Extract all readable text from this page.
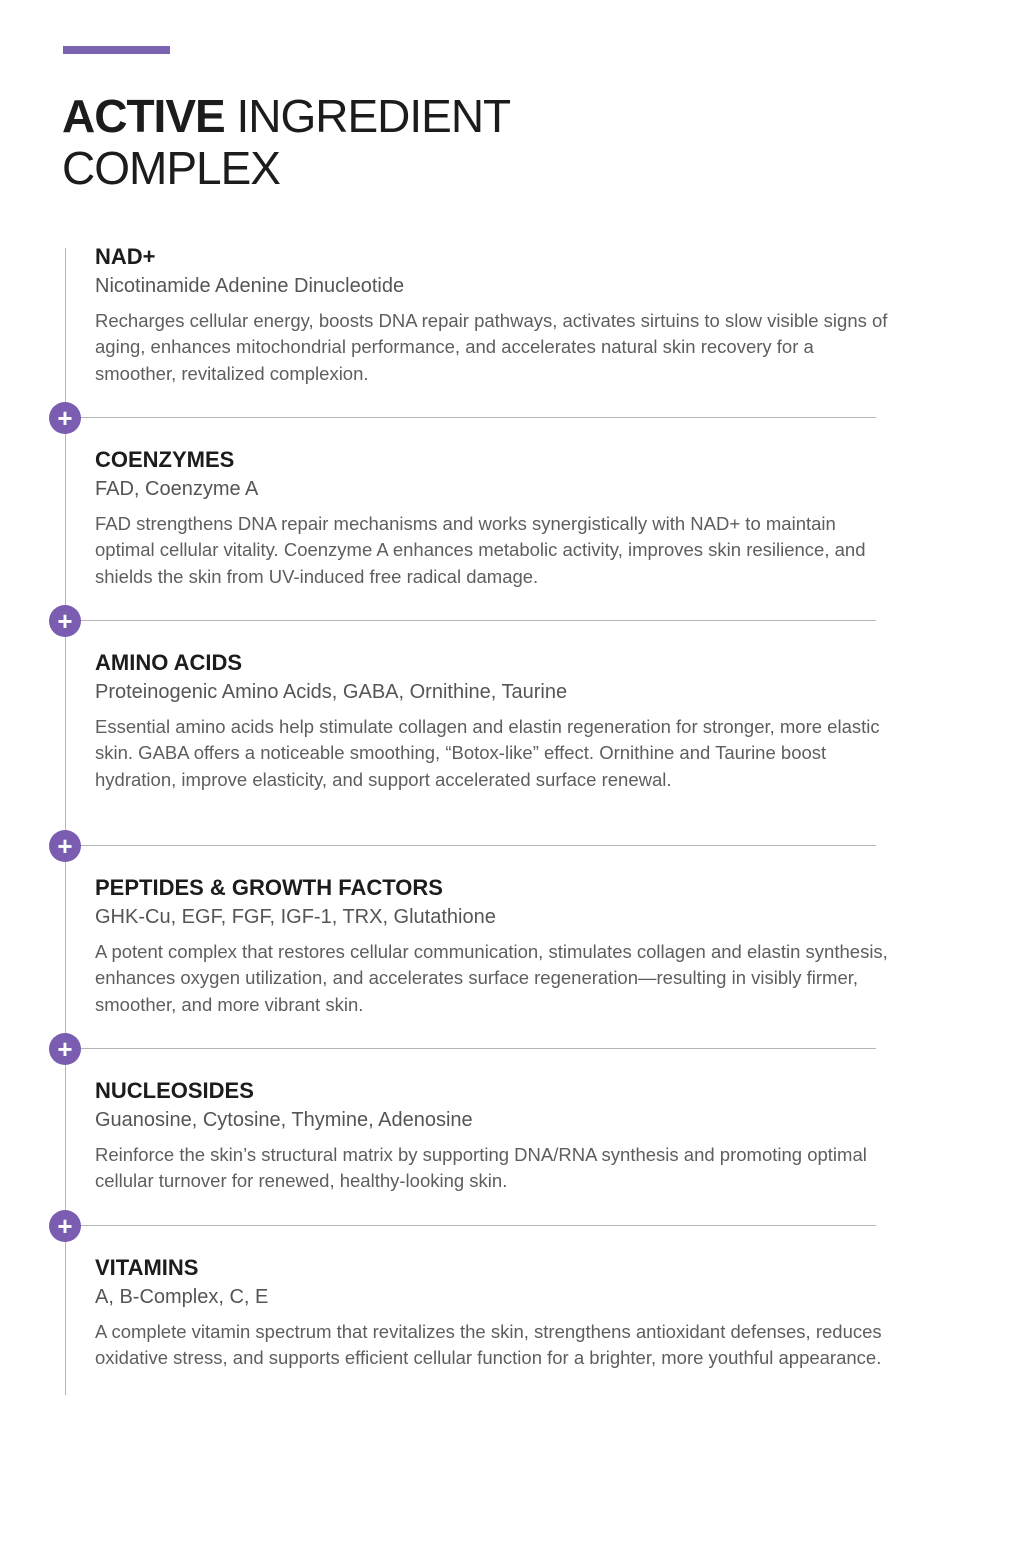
ACTIVE INGREDIENT
COMPLEX
NAD+

Nicotinamide Adenine Dinucleotide

Recharges cellular energy, boosts DNA repair pathways, activates sirtuins to slow visible signs of aging, enhances mitochondrial performance, and accelerates natural skin recovery for a smoother, revitalized complexion.

+
COENZYMES

FAD, Coenzyme A

FAD strengthens DNA repair mechanisms and works synergistically with NAD+ to maintain optimal cellular vitality. Coenzyme A enhances metabolic activity, improves skin resilience, and shields the skin from UV-induced free radical damage.

+
AMINO ACIDS

Proteinogenic Amino Acids, GABA, Ornithine, Taurine

Essential amino acids help stimulate collagen and elastin regeneration for stronger, more elastic skin. GABA offers a noticeable smoothing, “Botox-like” effect. Ornithine and Taurine boost hydration, improve elasticity, and support accelerated surface renewal.

+
PEPTIDES & GROWTH FACTORS

GHK-Cu, EGF, FGF, IGF-1, TRX, Glutathione

A potent complex that restores cellular communication, stimulates collagen and elastin synthesis, enhances oxygen utilization, and accelerates surface regeneration—resulting in visibly firmer, smoother, and more vibrant skin.

+
NUCLEOSIDES

Guanosine, Cytosine, Thymine, Adenosine

Reinforce the skin’s structural matrix by supporting DNA/RNA synthesis and promoting optimal cellular turnover for renewed, healthy-looking skin.

+
VITAMINS

A, B-Complex, C, E

A complete vitamin spectrum that revitalizes the skin, strengthens antioxidant defenses, reduces oxidative stress, and supports efficient cellular function for a brighter, more youthful appearance.
